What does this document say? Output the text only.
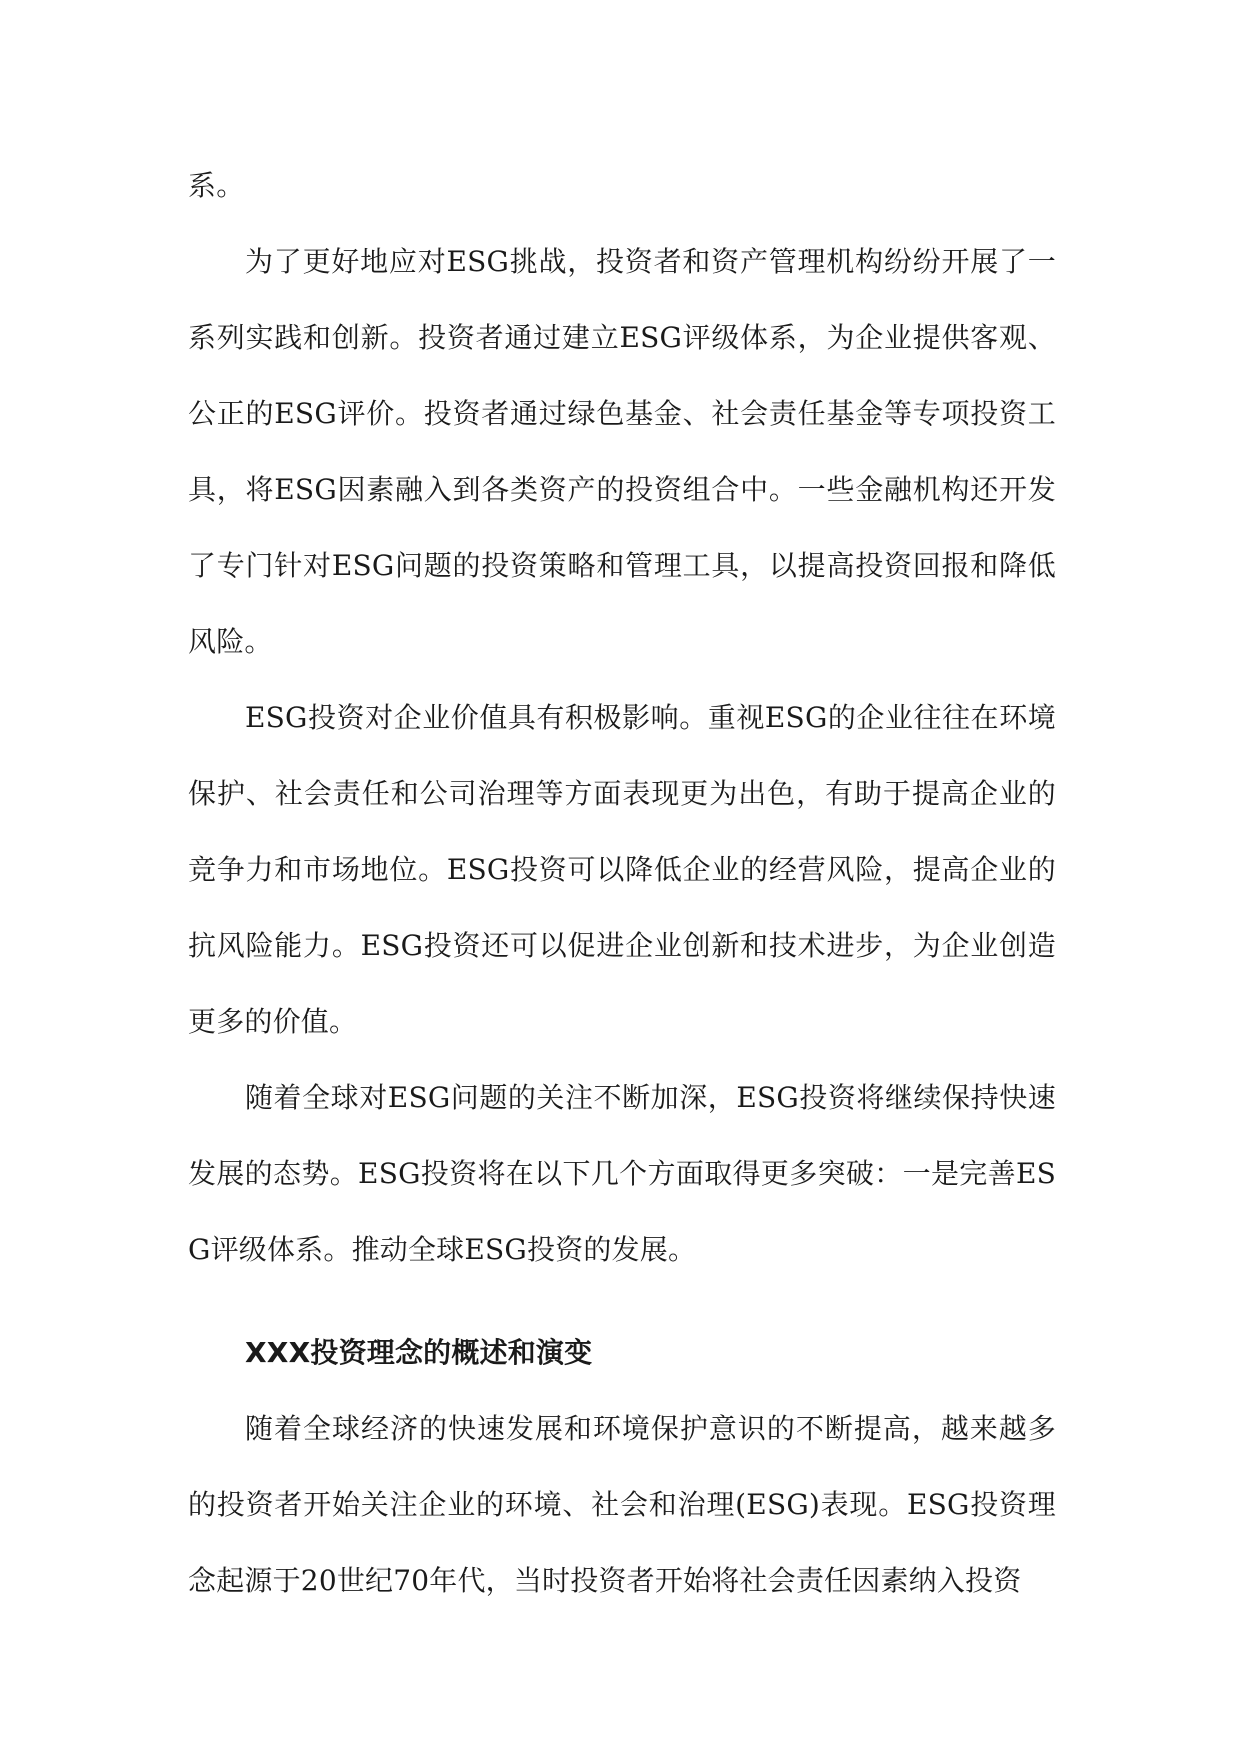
系。

为了更好地应对ESG挑战，投资者和资产管理机构纷纷开展了一系列实践和创新。投资者通过建立ESG评级体系，为企业提供客观、公正的ESG评价。投资者通过绿色基金、社会责任基金等专项投资工具，将ESG因素融入到各类资产的投资组合中。一些金融机构还开发了专门针对ESG问题的投资策略和管理工具，以提高投资回报和降低风险。

ESG投资对企业价值具有积极影响。重视ESG的企业往往在环境保护、社会责任和公司治理等方面表现更为出色，有助于提高企业的竞争力和市场地位。ESG投资可以降低企业的经营风险，提高企业的抗风险能力。ESG投资还可以促进企业创新和技术进步，为企业创造更多的价值。

随着全球对ESG问题的关注不断加深，ESG投资将继续保持快速发展的态势。ESG投资将在以下几个方面取得更多突破：一是完善ESG评级体系。推动全球ESG投资的发展。

XXX投资理念的概述和演变

随着全球经济的快速发展和环境保护意识的不断提高，越来越多的投资者开始关注企业的环境、社会和治理(ESG)表现。ESG投资理念起源于20世纪70年代，当时投资者开始将社会责任因素纳入投资
